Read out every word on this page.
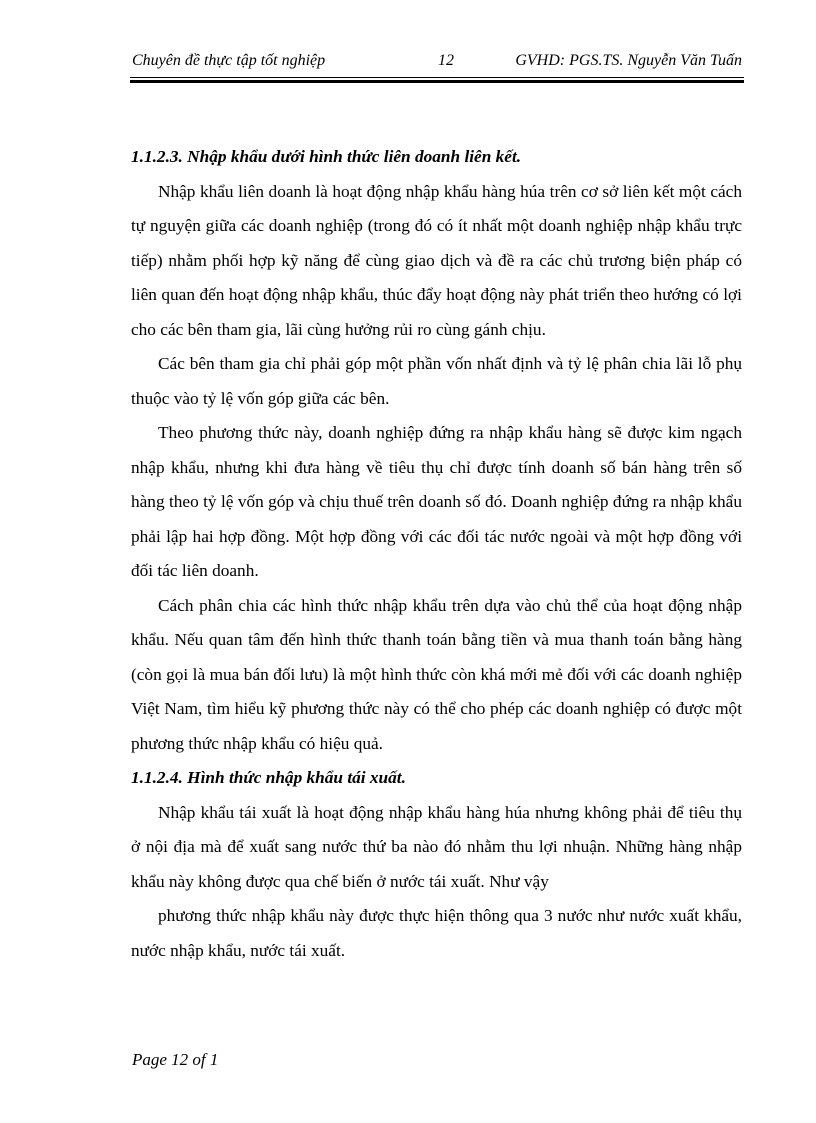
Chuyên đề thực tập tốt nghiệp	12	GVHD: PGS.TS. Nguyễn Văn Tuấn

1.1.2.3. Nhập khẩu dưới hình thức liên doanh liên kết.

Nhập khẩu liên doanh là hoạt động nhập khẩu hàng húa trên cơ sở liên kết một cách tự nguyện giữa các doanh nghiệp (trong đó có ít nhất một doanh nghiệp nhập khẩu trực tiếp) nhằm phối hợp kỹ năng để cùng giao dịch và đề ra các chủ trương biện pháp có liên quan đến hoạt động nhập khẩu, thúc đẩy hoạt động này phát triển theo hướng có lợi cho các bên tham gia, lãi cùng hưởng rủi ro cùng gánh chịu.

Các bên tham gia chỉ phải góp một phần vốn nhất định và tỷ lệ phân chia lãi lỗ phụ thuộc vào tỷ lệ vốn góp giữa các bên.

Theo phương thức này, doanh nghiệp đứng ra nhập khẩu hàng sẽ được kim ngạch nhập khẩu, nhưng khi đưa hàng về tiêu thụ chỉ được tính doanh số bán hàng trên số hàng theo tỷ lệ vốn góp và chịu thuế trên doanh số đó. Doanh nghiệp đứng ra nhập khẩu phải lập hai hợp đồng. Một hợp đồng với các đối tác nước ngoài và một hợp đồng với đối tác liên doanh.

Cách phân chia các hình thức nhập khẩu trên dựa vào chủ thể của hoạt động nhập khẩu. Nếu quan tâm đến hình thức thanh toán bằng tiền và mua thanh toán bằng hàng (còn gọi là mua bán đối lưu) là một hình thức còn khá mới mẻ đối với các doanh nghiệp Việt Nam, tìm hiểu kỹ phương thức này có thể cho phép các doanh nghiệp có được một phương thức nhập khẩu có hiệu quả.

1.1.2.4. Hình thức nhập khẩu tái xuất.

Nhập khẩu tái xuất là hoạt động nhập khẩu hàng húa nhưng không phải để tiêu thụ ở nội địa mà để xuất sang nước thứ ba nào đó nhằm thu lợi nhuận. Những hàng nhập khẩu này không được qua chế biến ở nước tái xuất. Như vậy

phương thức nhập khẩu này được thực hiện thông qua 3 nước như nước xuất khẩu, nước nhập khẩu, nước tái xuất.

Page 12 of 1
